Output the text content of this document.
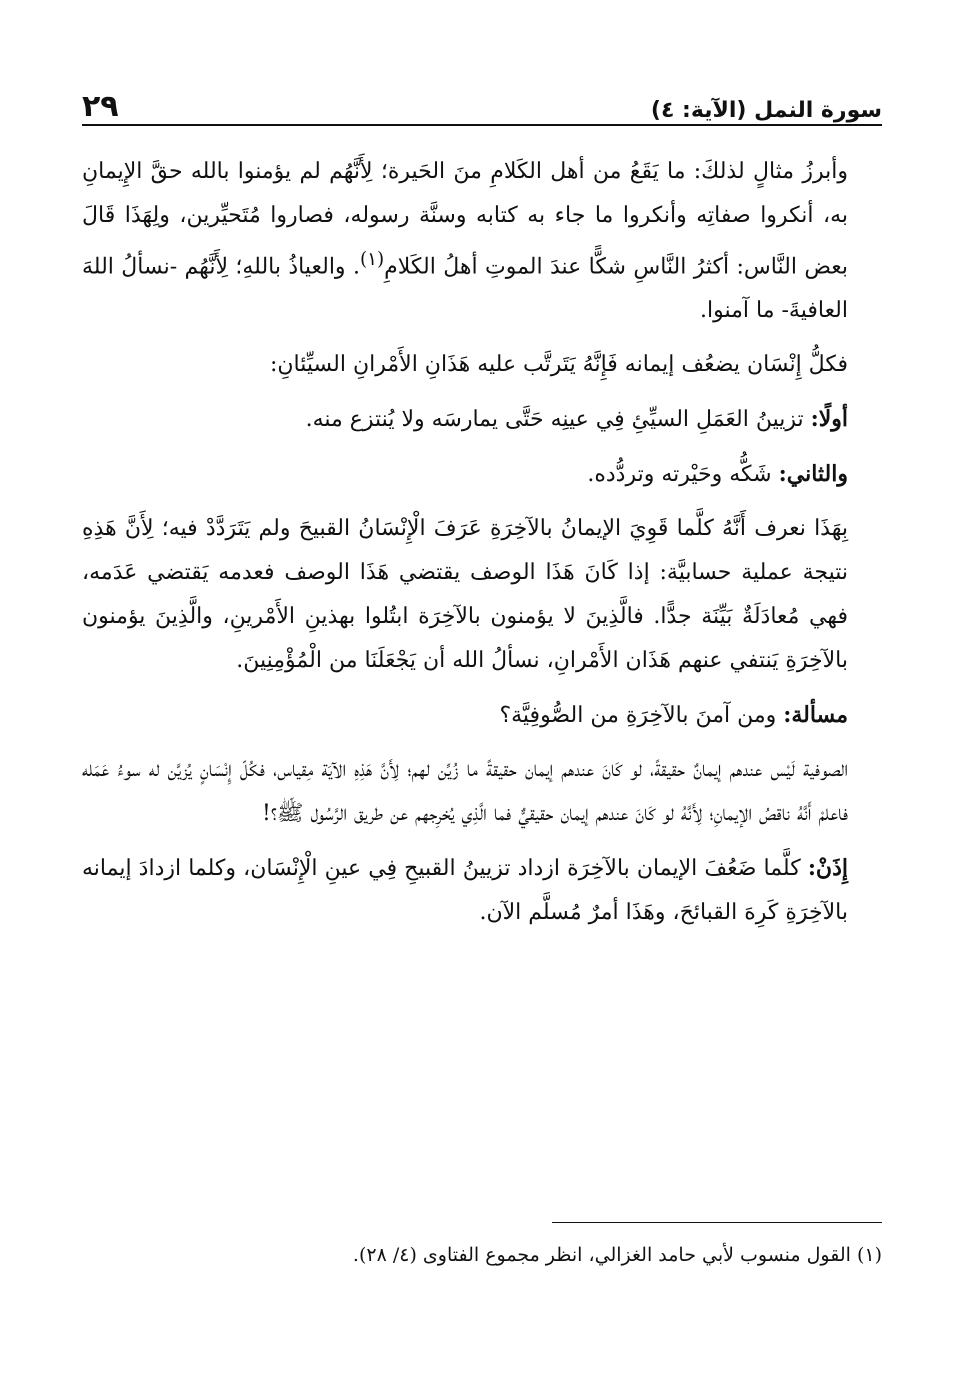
٢٩	سورة النمل (الآية: ٤)

وأبرزُ مثالٍ لذلكَ: ما يَقَعُ من أهل الكَلامِ منَ الحَيرة؛ لِأَنَّهُم لم يؤمنوا بالله حقَّ الإِيمانِ به، أنكروا صفاتِه وأنكروا ما جاء به كتابه وسنَّة رسوله، فصاروا مُتَحيِّرين، ولِهَذَا قَالَ بعض النَّاس: أكثرُ النَّاسِ شكًّا عندَ الموتِ أهلُ الكَلامِ$^{(١)}$. والعياذُ باللهِ؛ لِأَنَّهُم -نسألُ اللهَ العافيةَ- ما آمنوا.

فكلُّ إِنْسَان يضعُف إيمانه فَإِنَّهُ يَتَرتَّب عليه هَذَانِ الأَمْرانِ السيِّئانِ:

أولًا: تزيينُ العَمَلِ السيِّئِ فِي عينِه حَتَّى يمارسَه ولا يُنتزع منه.

والثاني: شَكُّه وحَيْرته وتردُّده.

بِهَذَا نعرف أَنَّهُ كلَّما قَوِيَ الإيمانُ بالآخِرَةِ عَرَفَ الْإِنْسَانُ القبيحَ ولم يَتَرَدَّدْ فيه؛ لِأَنَّ هَذِهِ نتيجة عملية حسابيَّة: إذا كَانَ هَذَا الوصف يقتضي هَذَا الوصف فعدمه يَقتضي عَدَمه، فهي مُعادَلَةٌ بَيِّنَة جدًّا. فالَّذِينَ لا يؤمنون بالآخِرَة ابتُلوا بهذينِ الأَمْرينِ، والَّذِينَ يؤمنون بالآخِرَةِ يَنتفي عنهم هَذَان الأَمْرانِ، نسألُ الله أن يَجْعَلَنَا من الْمُؤْمِنِينَ.

مسألة: ومن آمنَ بالآخِرَةِ من الصُّوفِيَّة؟

الصوفية لَيْس عندهم إيمانٌ حقيقةً، لو كَانَ عندهم إيمان حقيقةً ما زُيِّن لهم؛ لِأَنَّ هَذِهِ الآيَة مِقياس، فكُلّ إِنْسَانٍ يُزيَّن له سوءُ عَمَله فاعلمْ أَنَّهُ ناقصُ الإيمانِ؛ لِأَنَّهُ لو كَانَ عندهم إيمان حقيقيٌّ فما الَّذِي يُخرِجهم عن طريق الرَّسُول ﷺ؟!

إِذَنْ: كلَّما ضَعُفَ الإيمان بالآخِرَة ازداد تزيينُ القبيحِ فِي عينِ الْإِنْسَان، وكلما ازدادَ إيمانه بالآخِرَةِ كَرِهَ القبائحَ، وهَذَا أمرٌ مُسلَّم الآن.

(١) القول منسوب لأبي حامد الغزالي، انظر مجموع الفتاوى (٤/ ٢٨).
